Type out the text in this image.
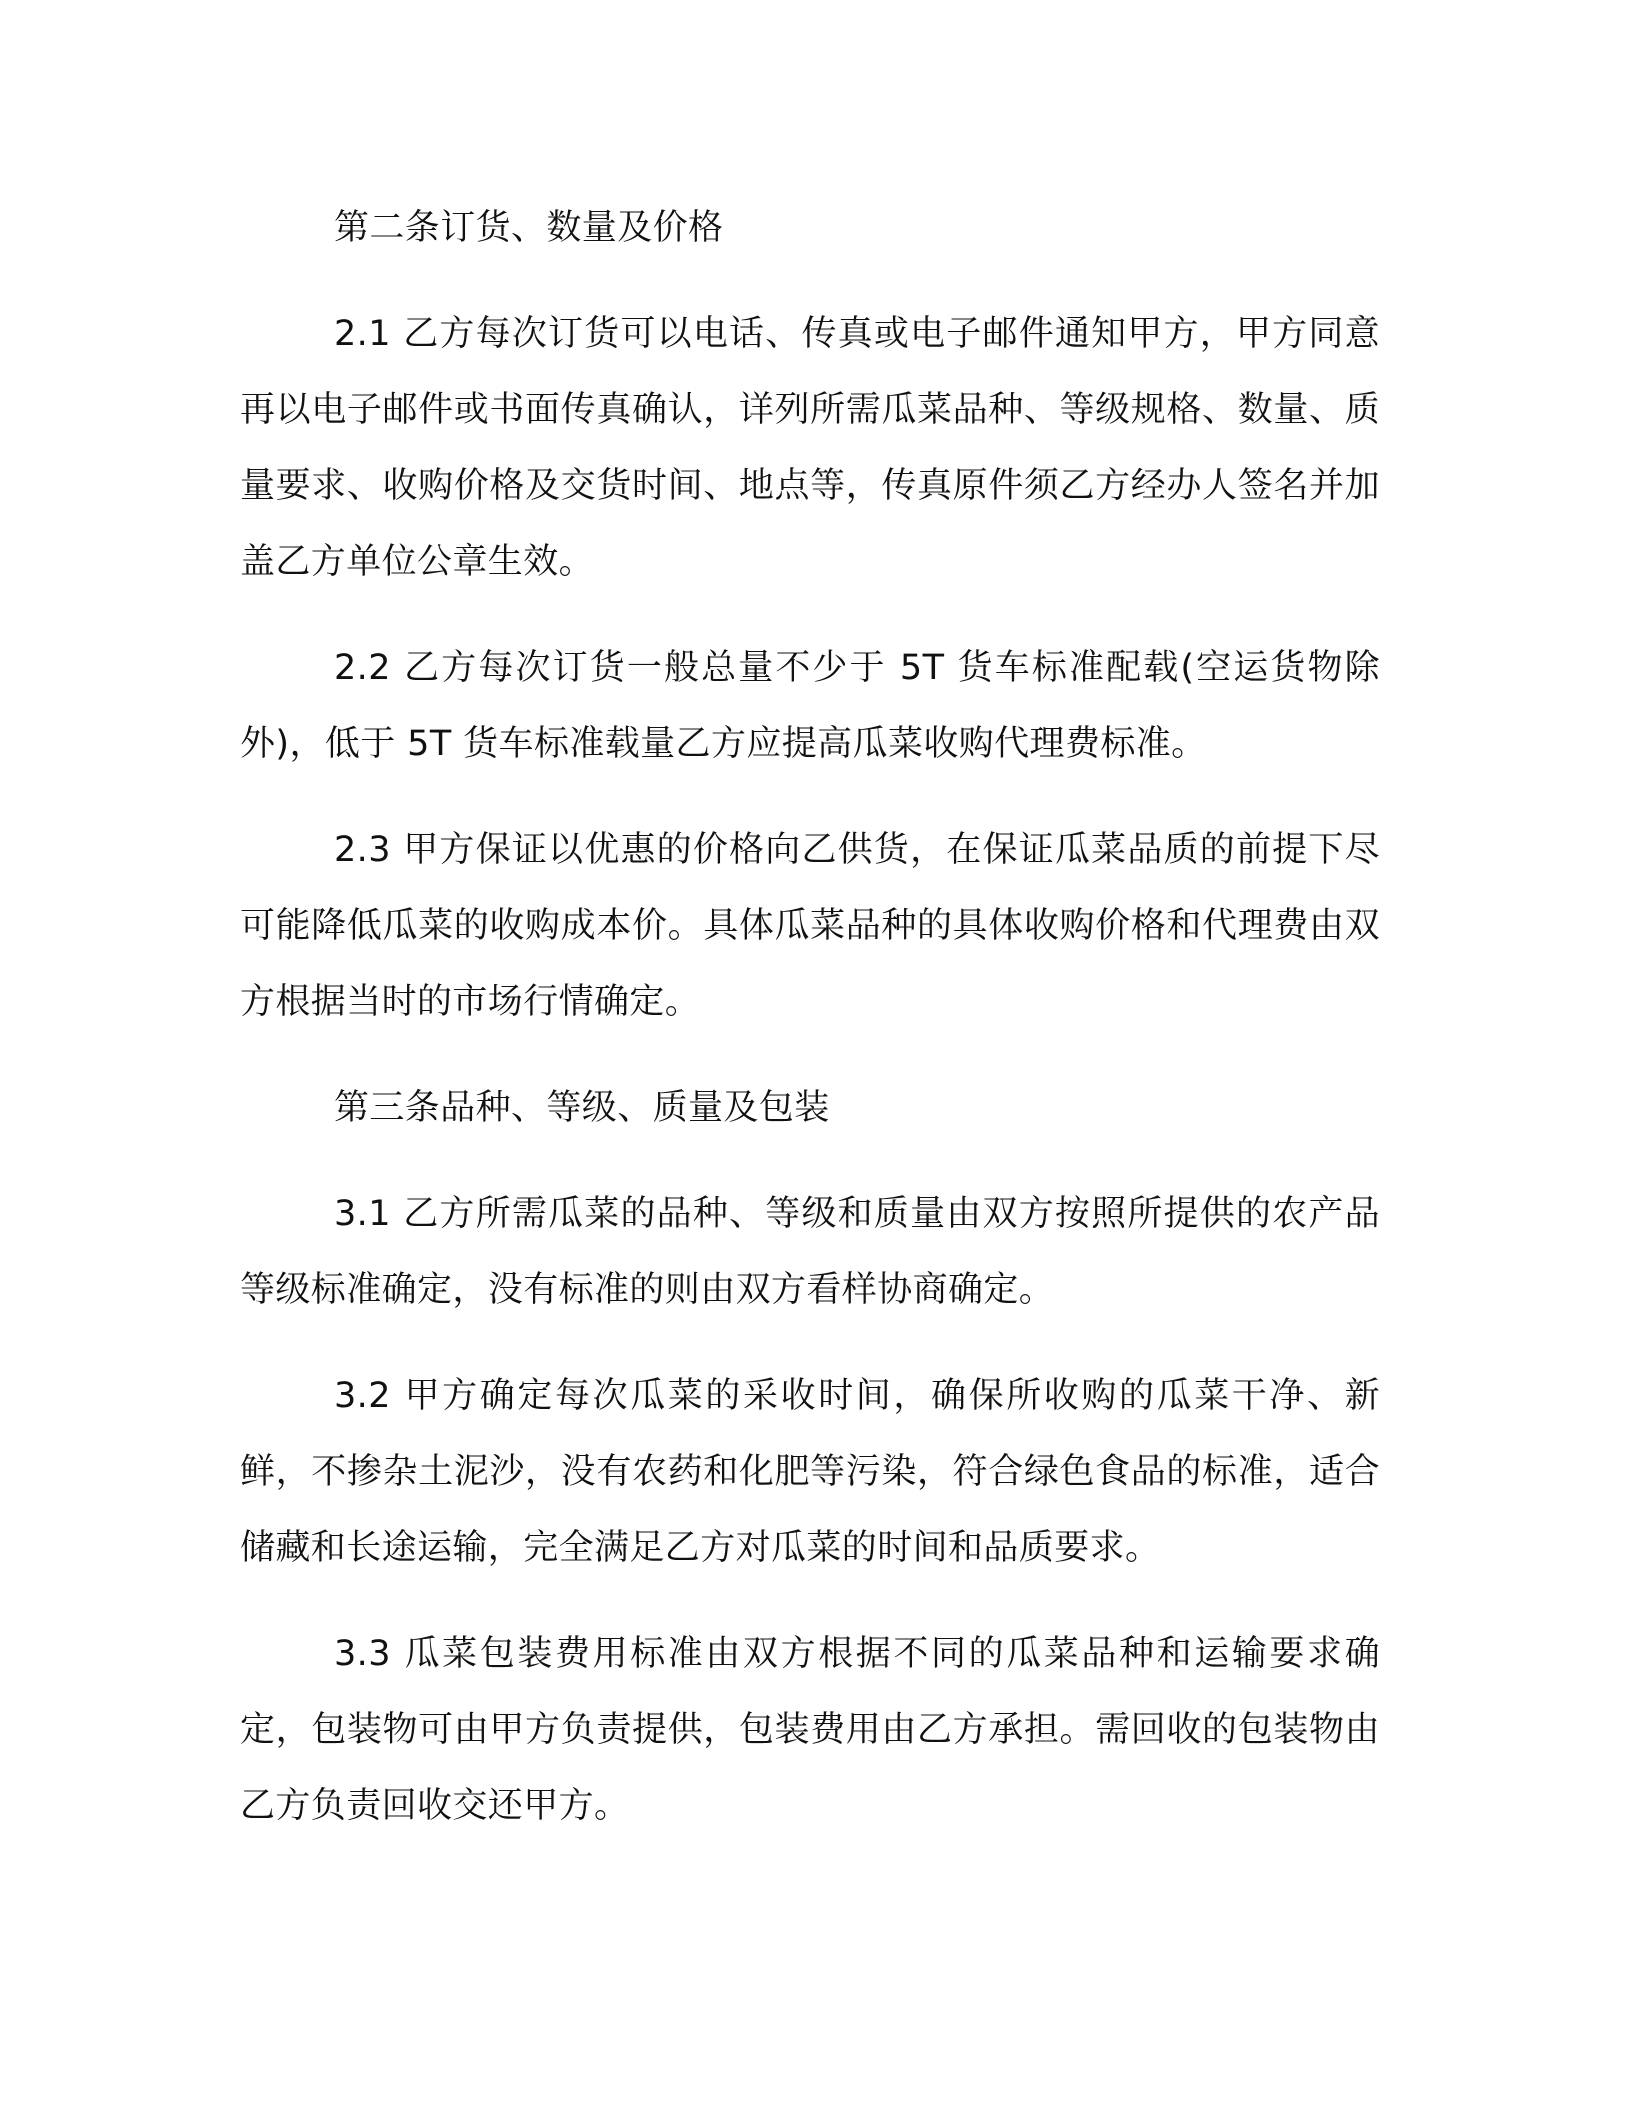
第二条订货、数量及价格

2.1 乙方每次订货可以电话、传真或电子邮件通知甲方，甲方同意再以电子邮件或书面传真确认，详列所需瓜菜品种、等级规格、数量、质量要求、收购价格及交货时间、地点等，传真原件须乙方经办人签名并加盖乙方单位公章生效。

2.2 乙方每次订货一般总量不少于 5T 货车标准配载(空运货物除外)，低于 5T 货车标准载量乙方应提高瓜菜收购代理费标准。

2.3 甲方保证以优惠的价格向乙供货，在保证瓜菜品质的前提下尽可能降低瓜菜的收购成本价。具体瓜菜品种的具体收购价格和代理费由双方根据当时的市场行情确定。

第三条品种、等级、质量及包装

3.1 乙方所需瓜菜的品种、等级和质量由双方按照所提供的农产品等级标准确定，没有标准的则由双方看样协商确定。

3.2 甲方确定每次瓜菜的采收时间，确保所收购的瓜菜干净、新鲜，不掺杂土泥沙，没有农药和化肥等污染，符合绿色食品的标准，适合储藏和长途运输，完全满足乙方对瓜菜的时间和品质要求。

3.3 瓜菜包装费用标准由双方根据不同的瓜菜品种和运输要求确定，包装物可由甲方负责提供，包装费用由乙方承担。需回收的包装物由乙方负责回收交还甲方。
